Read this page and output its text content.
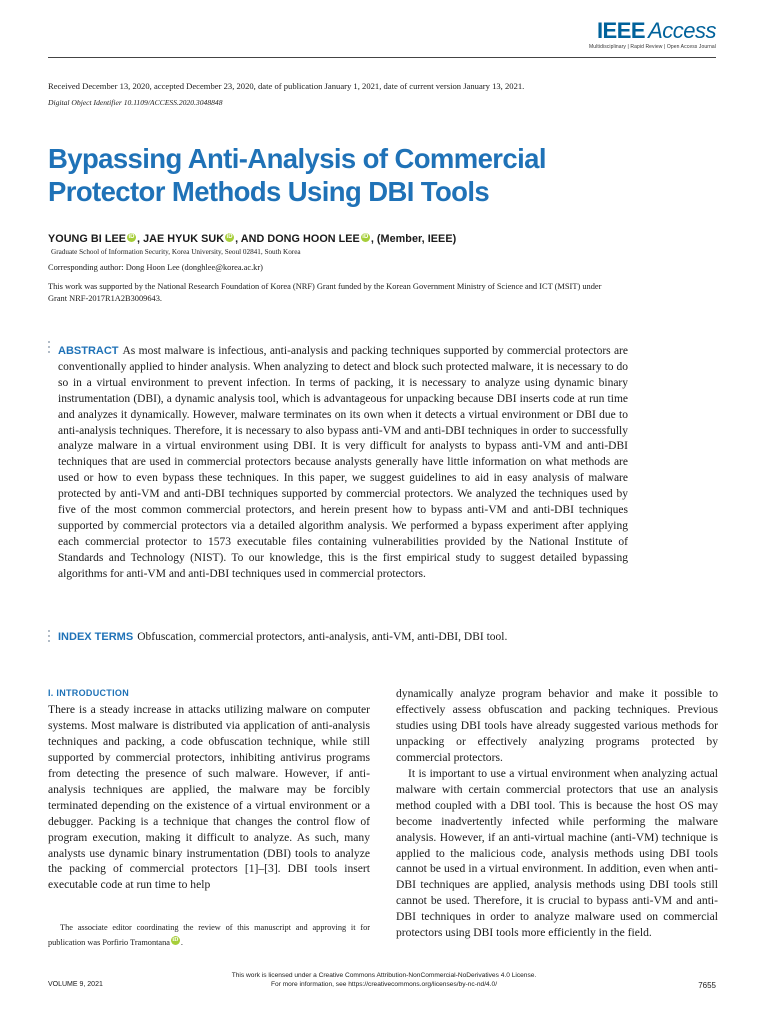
IEEE Access
Multidisciplinary | Rapid Review | Open Access Journal
Received December 13, 2020, accepted December 23, 2020, date of publication January 1, 2021, date of current version January 13, 2021.
Digital Object Identifier 10.1109/ACCESS.2020.3048848
Bypassing Anti-Analysis of Commercial
Protector Methods Using DBI Tools
YOUNG BI LEE iD , JAE HYUK SUK iD , AND DONG HOON LEE iD , (Member, IEEE)
Graduate School of Information Security, Korea University, Seoul 02841, South Korea
Corresponding author: Dong Hoon Lee (donghlee@korea.ac.kr)
This work was supported by the National Research Foundation of Korea (NRF) Grant funded by the Korean Government Ministry of Science and ICT (MSIT) under Grant NRF-2017R1A2B3009643.
ABSTRACT As most malware is infectious, anti-analysis and packing techniques supported by commercial protectors are conventionally applied to hinder analysis. When analyzing to detect and block such protected malware, it is necessary to do so in a virtual environment to prevent infection. In terms of packing, it is necessary to analyze using dynamic binary instrumentation (DBI), a dynamic analysis tool, which is advantageous for unpacking because DBI inserts code at run time and analyzes it dynamically. However, malware terminates on its own when it detects a virtual environment or DBI due to anti-analysis techniques. Therefore, it is necessary to also bypass anti-VM and anti-DBI techniques in order to successfully analyze malware in a virtual environment using DBI. It is very difficult for analysts to bypass anti-VM and anti-DBI techniques that are used in commercial protectors because analysts generally have little information on what methods are used or how to even bypass these techniques. In this paper, we suggest guidelines to aid in easy analysis of malware protected by anti-VM and anti-DBI techniques supported by commercial protectors. We analyzed the techniques used by five of the most common commercial protectors, and herein present how to bypass anti-VM and anti-DBI techniques supported by commercial protectors via a detailed algorithm analysis. We performed a bypass experiment after applying each commercial protector to 1573 executable files containing vulnerabilities provided by the National Institute of Standards and Technology (NIST). To our knowledge, this is the first empirical study to suggest detailed bypassing algorithms for anti-VM and anti-DBI techniques used in commercial protectors.
INDEX TERMS Obfuscation, commercial protectors, anti-analysis, anti-VM, anti-DBI, DBI tool.
I. INTRODUCTION
There is a steady increase in attacks utilizing malware on computer systems. Most malware is distributed via application of anti-analysis techniques and packing, a code obfuscation technique, while still supported by commercial protectors, inhibiting antivirus programs from detecting the presence of such malware. However, if anti-analysis techniques are applied, the malware may be forcibly terminated depending on the existence of a virtual environment or a debugger. Packing is a technique that changes the control flow of program execution, making it difficult to analyze. As such, many analysts use dynamic binary instrumentation (DBI) tools to analyze the packing of commercial protectors [1]–[3]. DBI tools insert executable code at run time to help
The associate editor coordinating the review of this manuscript and approving it for publication was Porfirio Tramontana iD .
dynamically analyze program behavior and make it possible to effectively assess obfuscation and packing techniques. Previous studies using DBI tools have already suggested various methods for unpacking or effectively analyzing programs protected by commercial protectors.
It is important to use a virtual environment when analyzing actual malware with certain commercial protectors that use an analysis method coupled with a DBI tool. This is because the host OS may become inadvertently infected while performing the malware analysis. However, if an anti-virtual machine (anti-VM) technique is applied to the malicious code, analysis methods using DBI tools cannot be used in a virtual environment. In addition, even when anti-DBI techniques are applied, analysis methods using DBI tools still cannot be used. Therefore, it is crucial to bypass anti-VM and anti-DBI techniques in order to analyze malware used on commercial protectors using DBI tools more efficiently in the field.
This work is licensed under a Creative Commons Attribution-NonCommercial-NoDerivatives 4.0 License.
For more information, see https://creativecommons.org/licenses/by-nc-nd/4.0/
VOLUME 9, 2021	7655
